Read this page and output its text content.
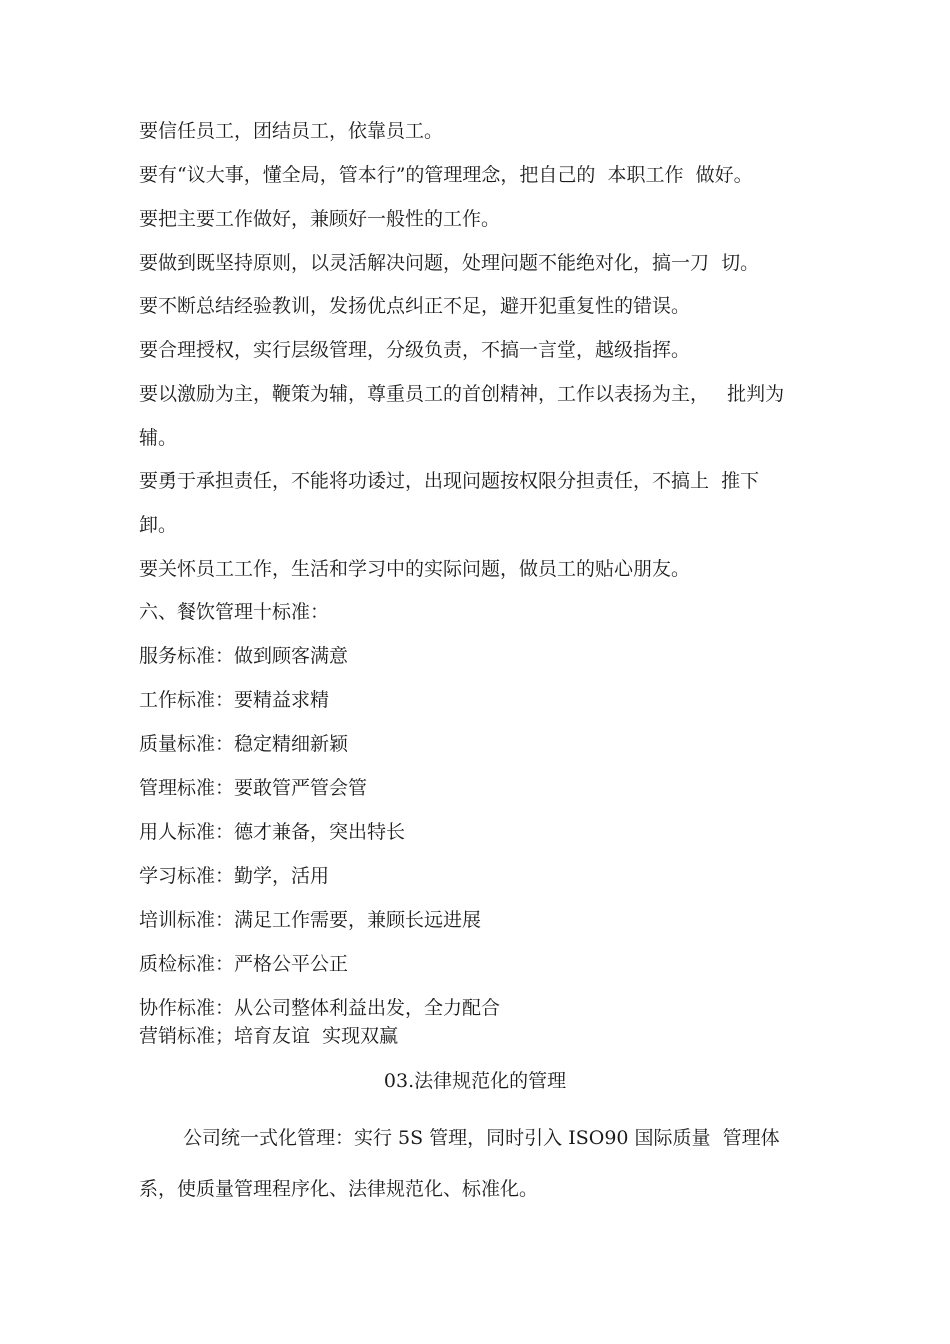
要信任员工，团结员工，依靠员工。
要有“议大事，懂全局，管本行”的管理理念，把自己的  本职工作  做好。
要把主要工作做好，兼顾好一般性的工作。
要做到既坚持原则，以灵活解决问题，处理问题不能绝对化，搞一刀  切。
要不断总结经验教训，发扬优点纠正不足，避开犯重复性的错误。
要合理授权，实行层级管理，分级负责，不搞一言堂，越级指挥。
要以激励为主，鞭策为辅，尊重员工的首创精神，工作以表扬为主，   批判为
辅。
要勇于承担责任，不能将功诿过，出现问题按权限分担责任，不搞上  推下
卸。
要关怀员工工作，生活和学习中的实际问题，做员工的贴心朋友。
六、餐饮管理十标准：
服务标准：做到顾客满意
工作标准：要精益求精
质量标准：稳定精细新颖
管理标准：要敢管严管会管
用人标准：德才兼备，突出特长
学习标准：勤学，活用
培训标准：满足工作需要，兼顾长远进展
质检标准：严格公平公正
协作标准：从公司整体利益出发，全力配合
营销标准；培育友谊  实现双赢
03.法律规范化的管理
公司统一式化管理：实行 5S 管理，同时引入 ISO90 国际质量  管理体
系，使质量管理程序化、法律规范化、标准化。
